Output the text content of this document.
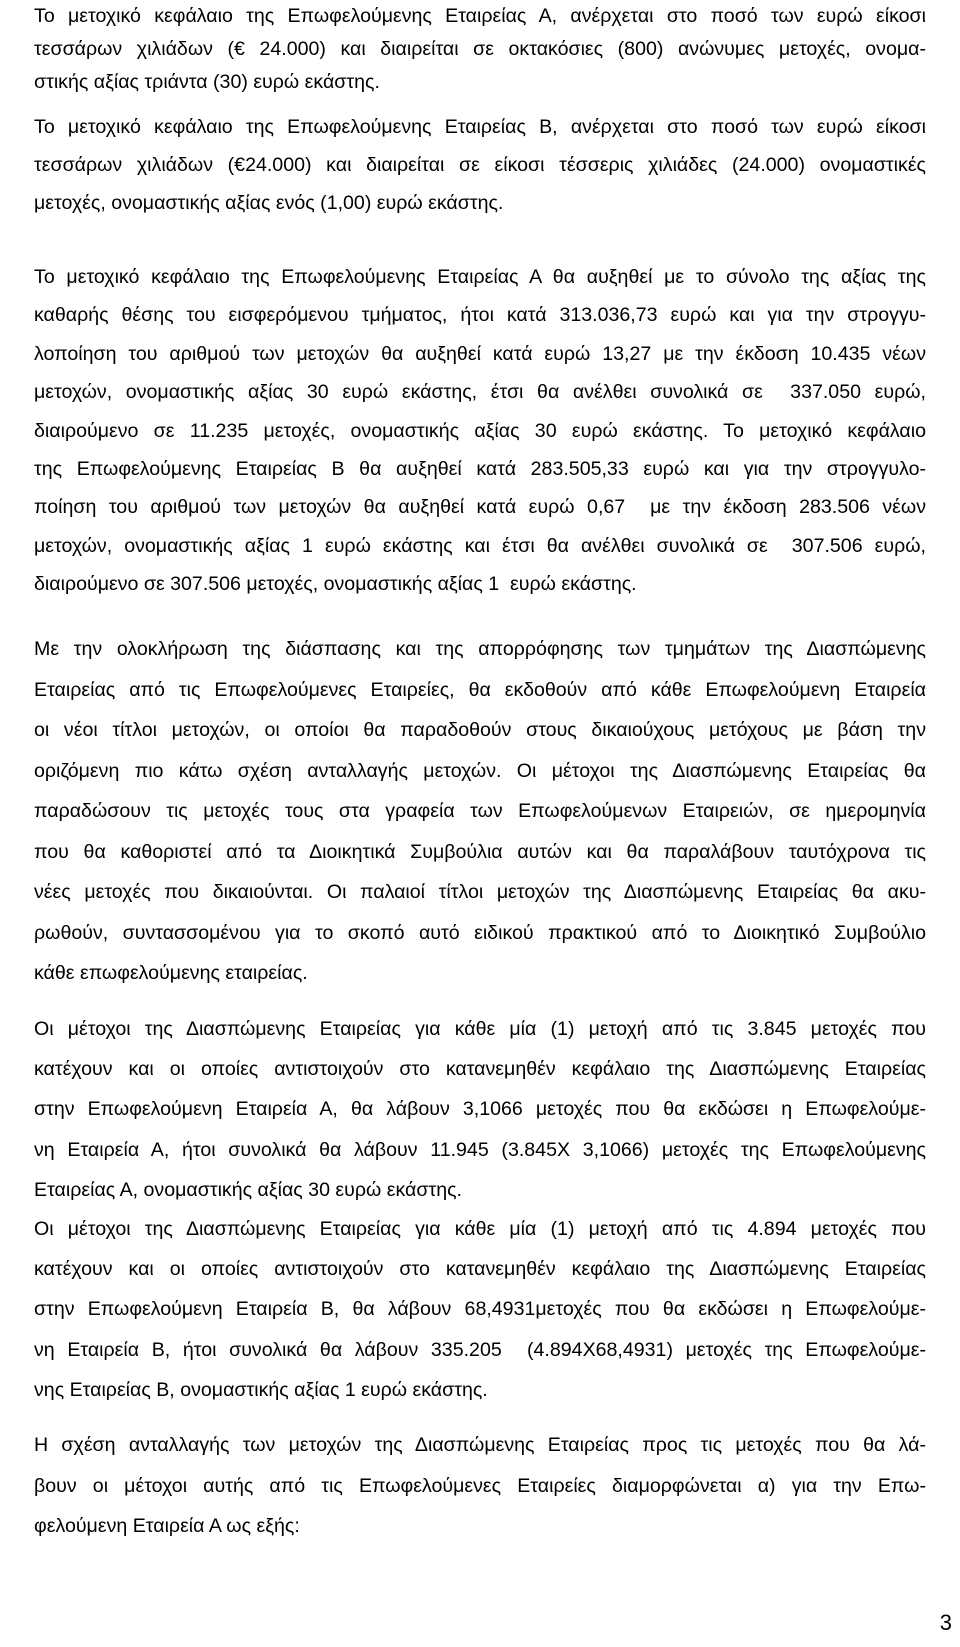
Το μετοχικό κεφάλαιο της Επωφελούμενης Εταιρείας Α, ανέρχεται στο ποσό των ευρώ είκοσι
τεσσάρων χιλιάδων (€ 24.000) και διαιρείται σε οκτακόσιες (800) ανώνυμες μετοχές, ονομα-
στικής αξίας τριάντα (30) ευρώ εκάστης.
Το μετοχικό κεφάλαιο της Επωφελούμενης Εταιρείας Β, ανέρχεται στο ποσό των ευρώ είκοσι
τεσσάρων χιλιάδων (€24.000) και διαιρείται σε είκοσι τέσσερις χιλιάδες (24.000) ονομαστικές
μετοχές, ονομαστικής αξίας ενός (1,00) ευρώ εκάστης.
Το μετοχικό κεφάλαιο της Επωφελούμενης Εταιρείας Α θα αυξηθεί με το σύνολο της αξίας της
καθαρής θέσης του εισφερόμενου τμήματος, ήτοι κατά 313.036,73 ευρώ και για την στρογγυ-
λοποίηση του αριθμού των μετοχών θα αυξηθεί κατά ευρώ 13,27 με την έκδοση 10.435 νέων
μετοχών, ονομαστικής αξίας 30 ευρώ εκάστης, έτσι θα ανέλθει συνολικά σε  337.050 ευρώ,
διαιρούμενο σε 11.235 μετοχές, ονομαστικής αξίας 30 ευρώ εκάστης. Το μετοχικό κεφάλαιο
της Επωφελούμενης Εταιρείας Β θα αυξηθεί κατά 283.505,33 ευρώ και για την στρογγυλο-
ποίηση του αριθμού των μετοχών θα αυξηθεί κατά ευρώ 0,67  με την έκδοση 283.506 νέων
μετοχών, ονομαστικής αξίας 1 ευρώ εκάστης και έτσι θα ανέλθει συνολικά σε  307.506 ευρώ,
διαιρούμενο σε 307.506 μετοχές, ονομαστικής αξίας 1  ευρώ εκάστης.
Με την ολοκλήρωση της διάσπασης και της απορρόφησης των τμημάτων της Διασπώμενης
Εταιρείας από τις Επωφελούμενες Εταιρείες, θα εκδοθούν από κάθε Επωφελούμενη Εταιρεία
οι νέοι τίτλοι μετοχών, οι οποίοι θα παραδοθούν στους δικαιούχους μετόχους με βάση την
οριζόμενη πιο κάτω σχέση ανταλλαγής μετοχών. Οι μέτοχοι της Διασπώμενης Εταιρείας θα
παραδώσουν τις μετοχές τους στα γραφεία των Επωφελούμενων Εταιρειών, σε ημερομηνία
που θα καθοριστεί από τα Διοικητικά Συμβούλια αυτών και θα παραλάβουν ταυτόχρονα τις
νέες μετοχές που δικαιούνται. Οι παλαιοί τίτλοι μετοχών της Διασπώμενης Εταιρείας θα ακυ-
ρωθούν, συντασσομένου για το σκοπό αυτό ειδικού πρακτικού από το Διοικητικό Συμβούλιο
κάθε επωφελούμενης εταιρείας.
Οι μέτοχοι της Διασπώμενης Εταιρείας για κάθε μία (1) μετοχή από τις 3.845 μετοχές που
κατέχουν και οι οποίες αντιστοιχούν στο κατανεμηθέν κεφάλαιο της Διασπώμενης Εταιρείας
στην Επωφελούμενη Εταιρεία Α, θα λάβουν 3,1066 μετοχές που θα εκδώσει η Επωφελούμε-
νη Εταιρεία Α, ήτοι συνολικά θα λάβουν 11.945 (3.845Χ 3,1066) μετοχές της Επωφελούμενης
Εταιρείας Α, ονομαστικής αξίας 30 ευρώ εκάστης.
Οι μέτοχοι της Διασπώμενης Εταιρείας για κάθε μία (1) μετοχή από τις 4.894 μετοχές που
κατέχουν και οι οποίες αντιστοιχούν στο κατανεμηθέν κεφάλαιο της Διασπώμενης Εταιρείας
στην Επωφελούμενη Εταιρεία Β, θα λάβουν 68,4931μετοχές που θα εκδώσει η Επωφελούμε-
νη Εταιρεία Β, ήτοι συνολικά θα λάβουν 335.205  (4.894Χ68,4931) μετοχές της Επωφελούμε-
νης Εταιρείας Β, ονομαστικής αξίας 1 ευρώ εκάστης.
Η σχέση ανταλλαγής των μετοχών της Διασπώμενης Εταιρείας προς τις μετοχές που θα λά-
βουν οι μέτοχοι αυτής από τις Επωφελούμενες Εταιρείες διαμορφώνεται α) για την Επω-
φελούμενη Εταιρεία Α ως εξής:
3
